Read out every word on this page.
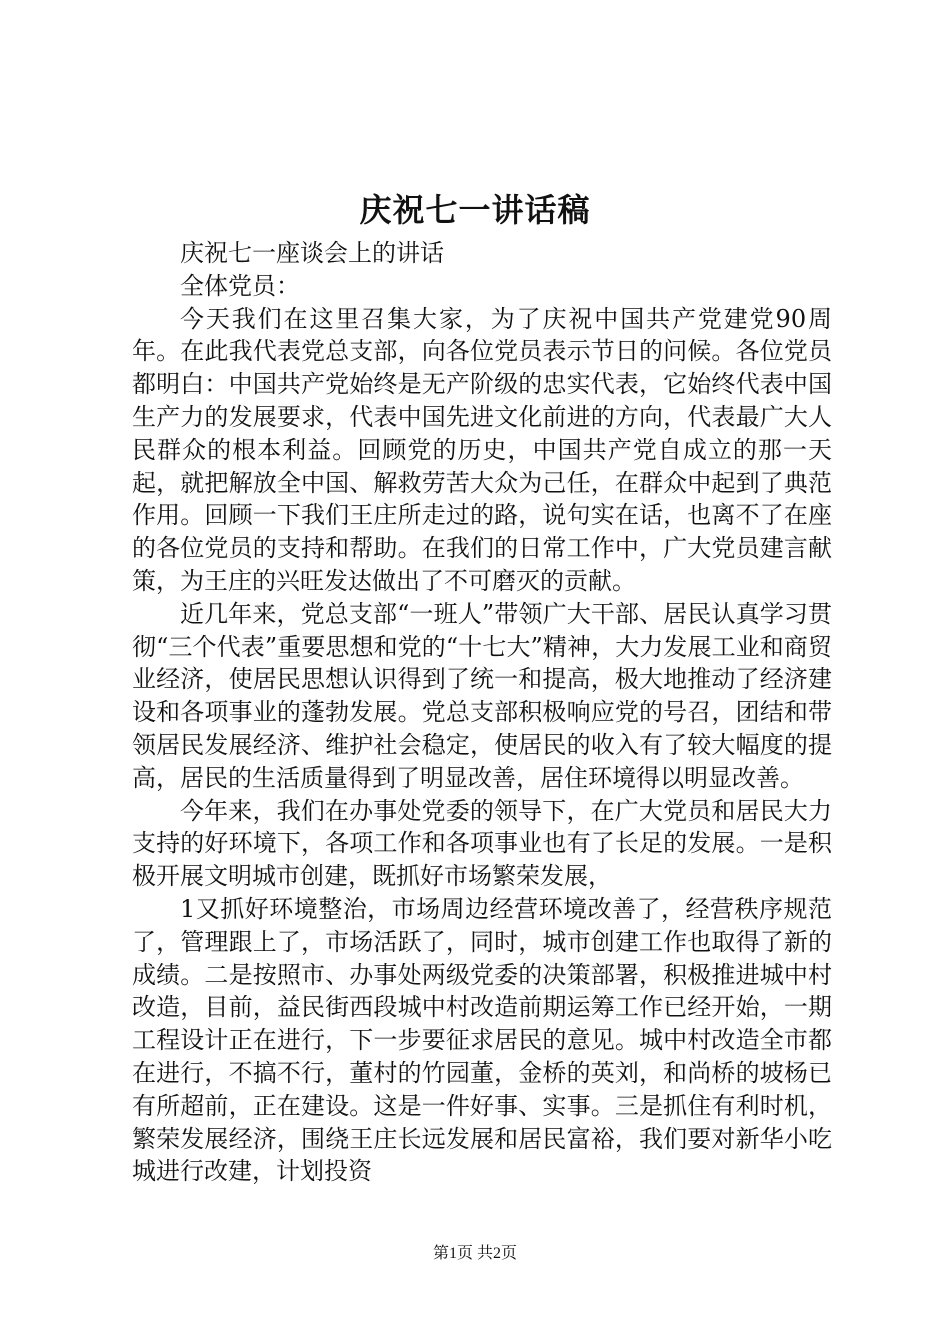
庆祝七一讲话稿

庆祝七一座谈会上的讲话

全体党员：

今天我们在这里召集大家，为了庆祝中国共产党建党90周年。在此我代表党总支部，向各位党员表示节日的问候。各位党员都明白：中国共产党始终是无产阶级的忠实代表，它始终代表中国生产力的发展要求，代表中国先进文化前进的方向，代表最广大人民群众的根本利益。回顾党的历史，中国共产党自成立的那一天起，就把解放全中国、解救劳苦大众为己任，在群众中起到了典范作用。回顾一下我们王庄所走过的路，说句实在话，也离不了在座的各位党员的支持和帮助。在我们的日常工作中，广大党员建言献策，为王庄的兴旺发达做出了不可磨灭的贡献。

近几年来，党总支部“一班人”带领广大干部、居民认真学习贯彻“三个代表”重要思想和党的“十七大”精神，大力发展工业和商贸业经济，使居民思想认识得到了统一和提高，极大地推动了经济建设和各项事业的蓬勃发展。党总支部积极响应党的号召，团结和带领居民发展经济、维护社会稳定，使居民的收入有了较大幅度的提高，居民的生活质量得到了明显改善，居住环境得以明显改善。

今年来，我们在办事处党委的领导下，在广大党员和居民大力支持的好环境下，各项工作和各项事业也有了长足的发展。一是积极开展文明城市创建，既抓好市场繁荣发展，

1又抓好环境整治，市场周边经营环境改善了，经营秩序规范了，管理跟上了，市场活跃了，同时，城市创建工作也取得了新的成绩。二是按照市、办事处两级党委的决策部署，积极推进城中村改造，目前，益民街西段城中村改造前期运筹工作已经开始，一期工程设计正在进行，下一步要征求居民的意见。城中村改造全市都在进行，不搞不行，董村的竹园董，金桥的英刘，和尚桥的坡杨已有所超前，正在建设。这是一件好事、实事。三是抓住有利时机，繁荣发展经济，围绕王庄长远发展和居民富裕，我们要对新华小吃城进行改建，计划投资

第1页 共2页
